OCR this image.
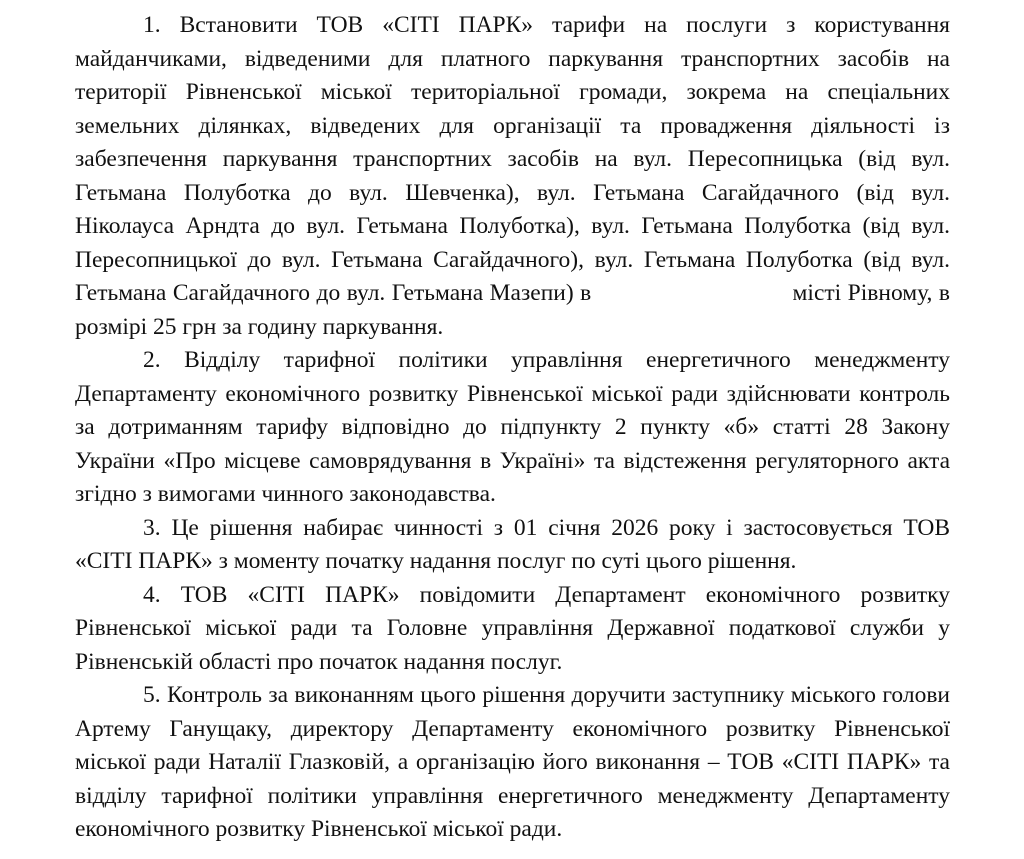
1. Встановити ТОВ «СІТІ ПАРК» тарифи на послуги з користування майданчиками, відведеними для платного паркування транспортних засобів на території Рівненської міської територіальної громади, зокрема на спеціальних земельних ділянках, відведених для організації та провадження діяльності із забезпечення паркування транспортних засобів на вул. Пересопницька (від вул. Гетьмана Полуботка до вул. Шевченка), вул. Гетьмана Сагайдачного (від вул. Ніколауса Арндта до вул. Гетьмана Полуботка), вул. Гетьмана Полуботка (від вул. Пересопницької до вул. Гетьмана Сагайдачного), вул. Гетьмана Полуботка (від вул. Гетьмана Сагайдачного до вул. Гетьмана Мазепи) в                               місті Рівному, в розмірі 25 грн за годину паркування.

2. Відділу тарифної політики управління енергетичного менеджменту Департаменту економічного розвитку Рівненської міської ради здійснювати контроль за дотриманням тарифу відповідно до підпункту 2 пункту «б» статті 28 Закону України «Про місцеве самоврядування в Україні» та відстеження регуляторного акта згідно з вимогами чинного законодавства.

3. Це рішення набирає чинності з 01 січня 2026 року і застосовується ТОВ «СІТІ ПАРК» з моменту початку надання послуг по суті цього рішення.

4. ТОВ «СІТІ ПАРК» повідомити Департамент економічного розвитку Рівненської міської ради та Головне управління Державної податкової служби у Рівненській області про початок надання послуг.

5. Контроль за виконанням цього рішення доручити заступнику міського голови Артему Ганущаку, директору Департаменту економічного розвитку Рівненської міської ради Наталії Глазковій, а організацію його виконання – ТОВ «СІТІ ПАРК» та відділу тарифної політики управління енергетичного менеджменту Департаменту економічного розвитку Рівненської міської ради.
